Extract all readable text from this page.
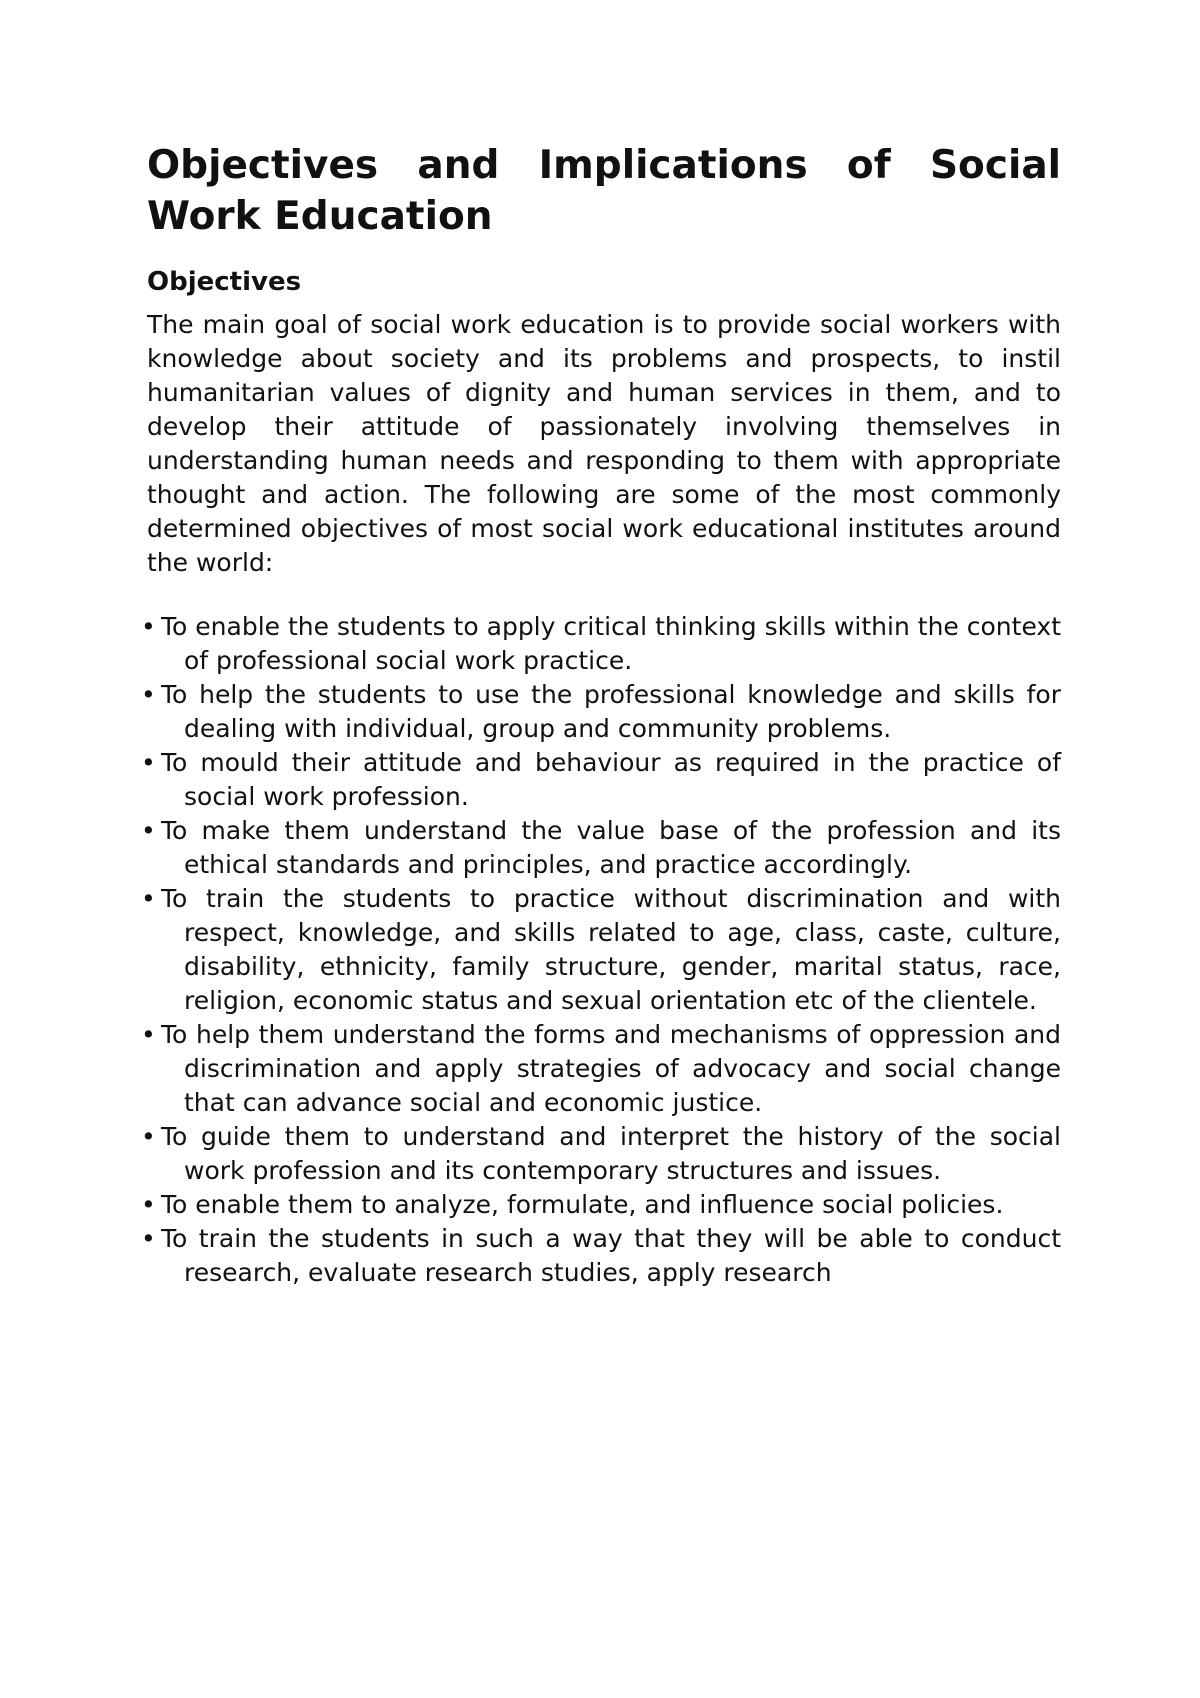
Objectives and Implications of Social Work Education
Objectives

The main goal of social work education is to provide social workers with knowledge about society and its problems and prospects, to instil humanitarian values of dignity and human services in them, and to develop their attitude of passionately involving themselves in understanding human needs and responding to them with appropriate thought and action. The following are some of the most commonly determined objectives of most social work educational institutes around the world:

• To enable the students to apply critical thinking skills within the context of professional social work practice.
• To help the students to use the professional knowledge and skills for dealing with individual, group and community problems.
• To mould their attitude and behaviour as required in the practice of social work profession.
• To make them understand the value base of the profession and its ethical standards and principles, and practice accordingly.
• To train the students to practice without discrimination and with respect, knowledge, and skills related to age, class, caste, culture, disability, ethnicity, family structure, gender, marital status, race, religion, economic status and sexual orientation etc of the clientele.
• To help them understand the forms and mechanisms of oppression and discrimination and apply strategies of advocacy and social change that can advance social and economic justice.
• To guide them to understand and interpret the history of the social work profession and its contemporary structures and issues.
• To enable them to analyze, formulate, and influence social policies.
• To train the students in such a way that they will be able to conduct research, evaluate research studies, apply research
